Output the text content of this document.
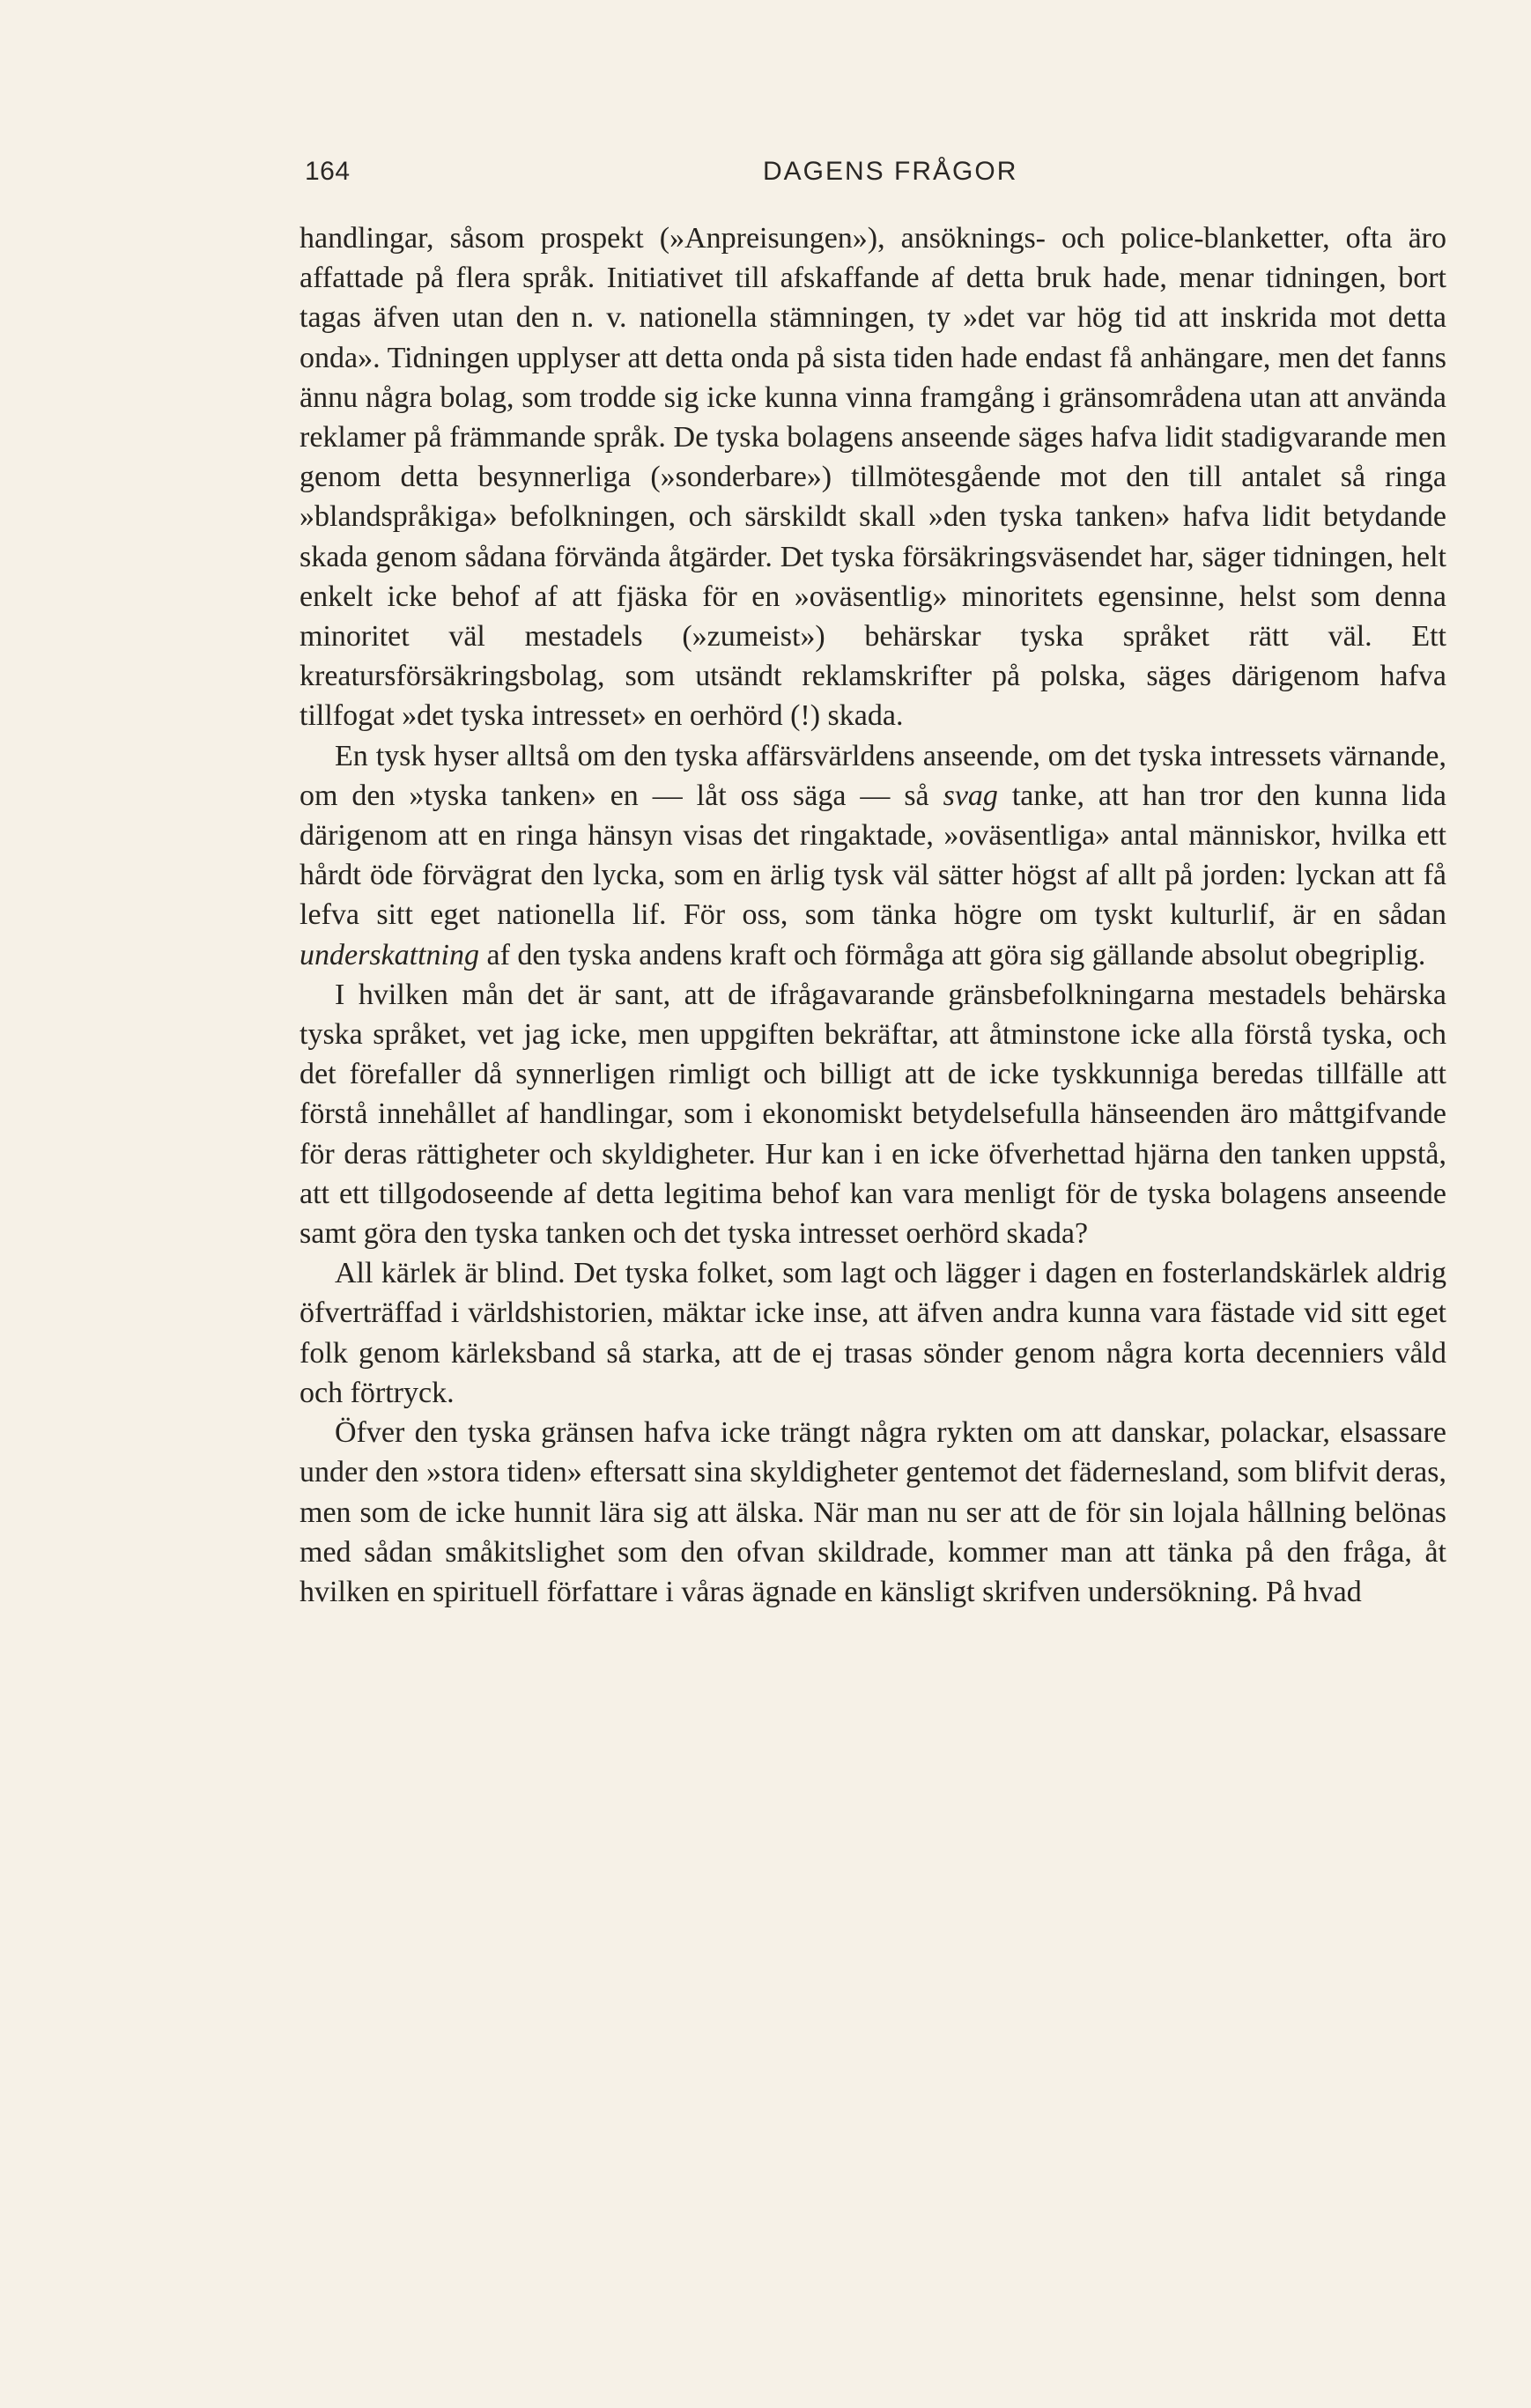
164	DAGENS FRÅGOR

handlingar, såsom prospekt (»Anpreisungen»), ansöknings- och police-blanketter, ofta äro affattade på flera språk. Initiativet till afskaffande af detta bruk hade, menar tidningen, bort tagas äfven utan den n. v. nationella stämningen, ty »det var hög tid att inskrida mot detta onda». Tidningen upplyser att detta onda på sista tiden hade endast få anhängare, men det fanns ännu några bolag, som trodde sig icke kunna vinna framgång i gränsområdena utan att använda reklamer på främmande språk. De tyska bolagens anseende säges hafva lidit stadigvarande men genom detta besynnerliga (»sonderbare») tillmötesgående mot den till antalet så ringa »blandspråkiga» befolkningen, och särskildt skall »den tyska tanken» hafva lidit betydande skada genom sådana förvända åtgärder. Det tyska försäkringsväsendet har, säger tidningen, helt enkelt icke behof af att fjäska för en »oväsentlig» minoritets egensinne, helst som denna minoritet väl mestadels (»zumeist») behärskar tyska språket rätt väl. Ett kreatursförsäkringsbolag, som utsändt reklamskrifter på polska, säges därigenom hafva tillfogat »det tyska intresset» en oerhörd (!) skada.

En tysk hyser alltså om den tyska affärsvärldens anseende, om det tyska intressets värnande, om den »tyska tanken» en — låt oss säga — så svag tanke, att han tror den kunna lida därigenom att en ringa hänsyn visas det ringaktade, »oväsentliga» antal människor, hvilka ett hårdt öde förvägrat den lycka, som en ärlig tysk väl sätter högst af allt på jorden: lyckan att få lefva sitt eget nationella lif. För oss, som tänka högre om tyskt kulturlif, är en sådan underskattning af den tyska andens kraft och förmåga att göra sig gällande absolut obegriplig.

I hvilken mån det är sant, att de ifrågavarande gränsbefolkningarna mestadels behärska tyska språket, vet jag icke, men uppgiften bekräftar, att åtminstone icke alla förstå tyska, och det förefaller då synnerligen rimligt och billigt att de icke tyskkunniga beredas tillfälle att förstå innehållet af handlingar, som i ekonomiskt betydelsefulla hänseenden äro måttgifvande för deras rättigheter och skyldigheter. Hur kan i en icke öfverhettad hjärna den tanken uppstå, att ett tillgodoseende af detta legitima behof kan vara menligt för de tyska bolagens anseende samt göra den tyska tanken och det tyska intresset oerhörd skada?

All kärlek är blind. Det tyska folket, som lagt och lägger i dagen en fosterlandskärlek aldrig öfverträffad i världshistorien, mäktar icke inse, att äfven andra kunna vara fästade vid sitt eget folk genom kärleksband så starka, att de ej trasas sönder genom några korta decenniers våld och förtryck.

Öfver den tyska gränsen hafva icke trängt några rykten om att danskar, polackar, elsassare under den »stora tiden» eftersatt sina skyldigheter gentemot det fädernesland, som blifvit deras, men som de icke hunnit lära sig att älska. När man nu ser att de för sin lojala hållning belönas med sådan småkitslighet som den ofvan skildrade, kommer man att tänka på den fråga, åt hvilken en spirituell författare i våras ägnade en känsligt skrifven undersökning. På hvad
